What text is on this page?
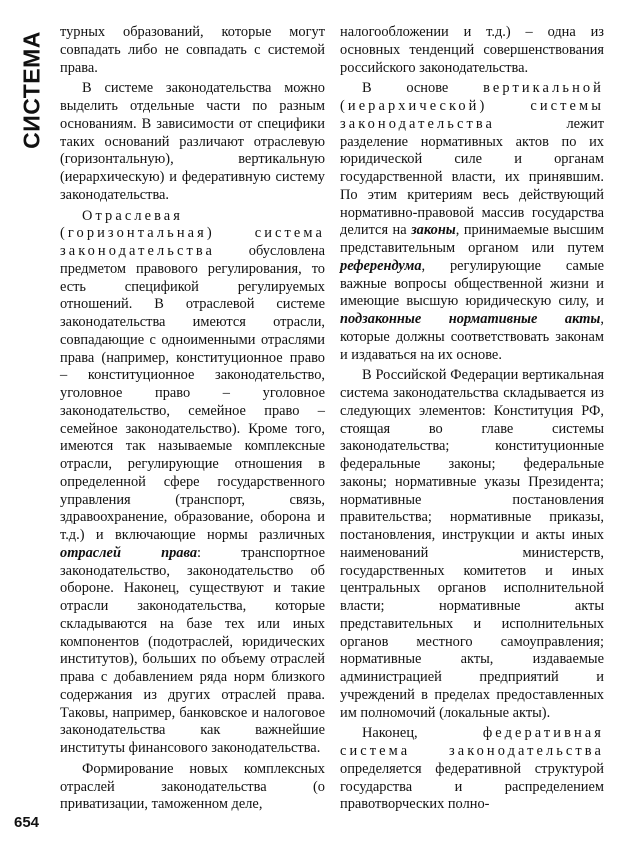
СИСТЕМА
654

турных образований, которые могут совпадать либо не совпадать с системой права.

В системе законодательства можно выделить отдельные части по разным основаниям. В зависимости от специфики таких оснований различают отраслевую (горизонтальную), вертикальную (иерархическую) и федеративную систему законодательства.

Отраслевая (горизонтальная) система законодательства обусловлена предметом правового регулирования, то есть спецификой регулируемых отношений. В отраслевой системе законодательства имеются отрасли, совпадающие с одноименными отраслями права (например, конституционное право – конституционное законодательство, уголовное право – уголовное законодательство, семейное право – семейное законодательство). Кроме того, имеются так называемые комплексные отрасли, регулирующие отношения в определенной сфере государственного управления (транспорт, связь, здравоохранение, образование, оборона и т.д.) и включающие нормы различных отраслей права: транспортное законодательство, законодательство об обороне. Наконец, существуют и такие отрасли законодательства, которые складываются на базе тех или иных компонентов (подотраслей, юридических институтов), больших по объему отраслей права с добавлением ряда норм близкого содержания из других отраслей права. Таковы, например, банковское и налоговое законодательства как важнейшие институты финансового законодательства.

Формирование новых комплексных отраслей законодательства (о приватизации, таможенном деле,

налогообложении и т.д.) – одна из основных тенденций совершенствования российского законодательства.

В основе вертикальной (иерархической) системы законодательства	лежит разделение нормативных актов по их юридической силе и органам государственной власти, их принявшим. По этим критериям весь действующий нормативно-правовой массив государства делится на законы, принимаемые высшим представительным органом или путем референдума, регулирующие самые важные вопросы общественной жизни и имеющие высшую юридическую силу, и подзаконные нормативные акты, которые должны соответствовать законам и издаваться на их основе.

В Российской Федерации вертикальная система законодательства складывается из следующих элементов: Конституция РФ, стоящая во главе системы законодательства; конституционные федеральные законы; федеральные законы; нормативные указы Президента; нормативные постановления правительства; нормативные приказы, постановления, инструкции и акты иных наименований министерств, государственных комитетов и иных центральных органов исполнительной власти; нормативные акты представительных и исполнительных органов местного самоуправления; нормативные акты, издаваемые администрацией предприятий и учреждений в пределах предоставленных им полномочий (локальные акты).

Наконец,	федеративная система законодательства определяется федеративной структурой государства и распределением правотворческих полно-
